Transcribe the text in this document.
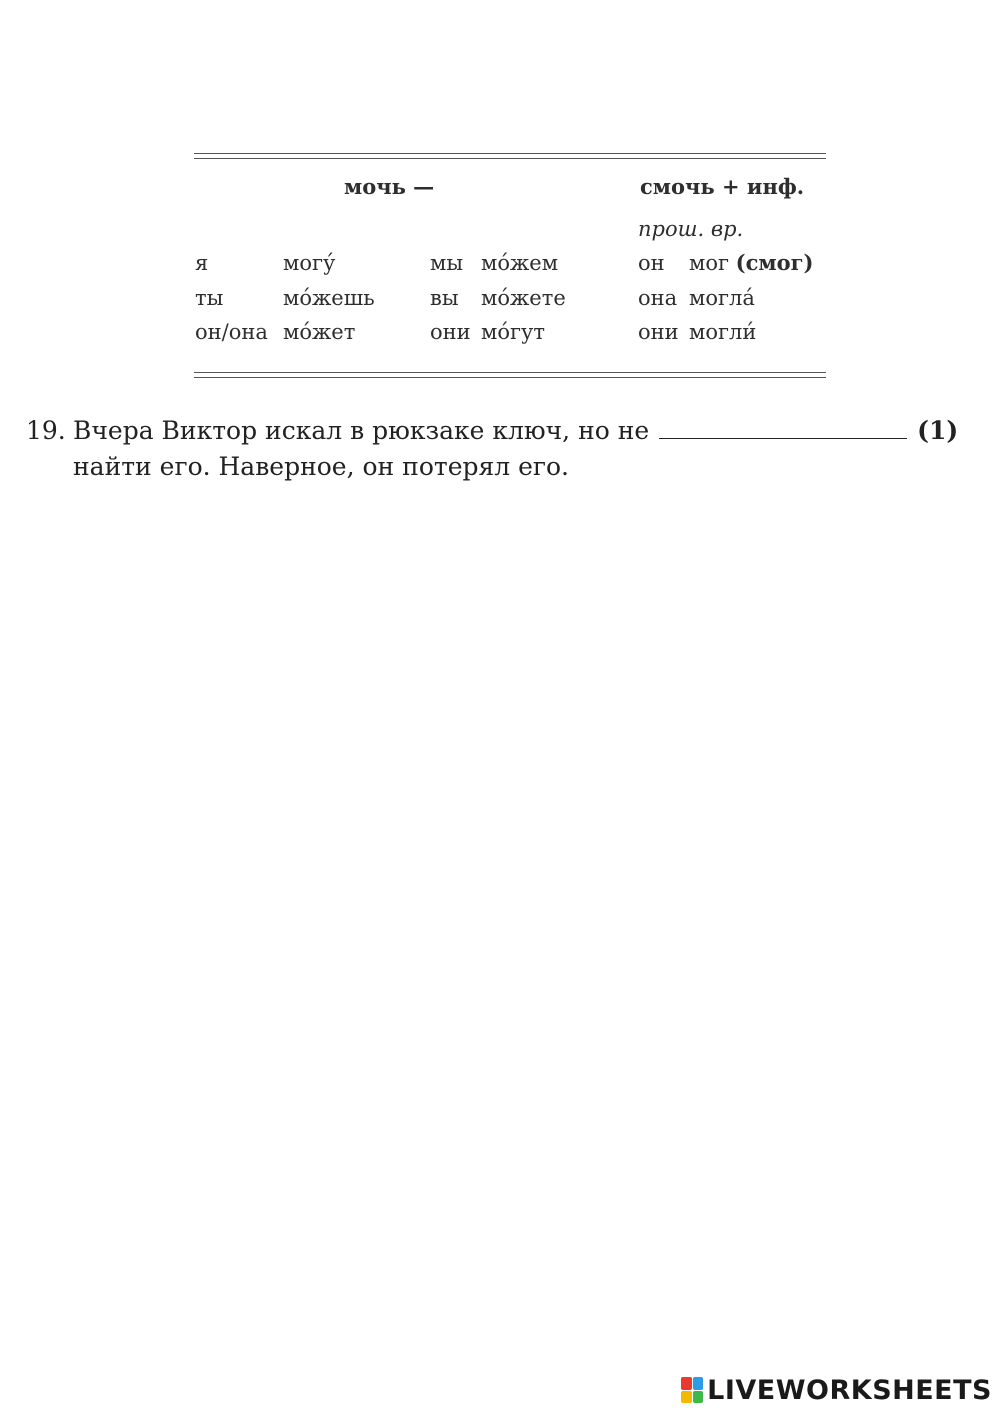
мочь —	смочь + инф.
прош. вр.
я	могу́	мы мо́жем	он мог (смог)
ты	мо́жешь	вы мо́жете	она могла́
он/она мо́жет	они мо́гут	они могли́
19. Вчера Виктор искал в рюкзаке ключ, но не	(1)
найти его. Наверное, он потерял его.
LIVEWORKSHEETS
